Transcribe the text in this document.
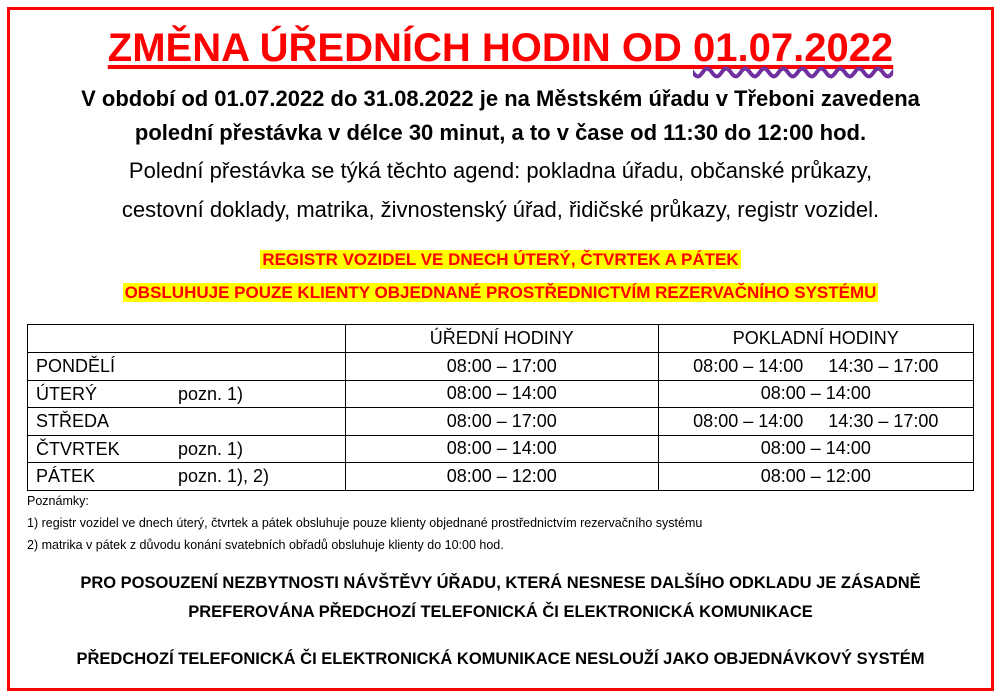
ZMĚNA ÚŘEDNÍCH HODIN OD 01.07.2022
V období od 01.07.2022 do 31.08.2022 je na Městském úřadu v Třeboni zavedena
polední přestávka v délce 30 minut, a to v čase od 11:30 do 12:00 hod.
Polední přestávka se týká těchto agend: pokladna úřadu, občanské průkazy,
cestovní doklady, matrika, živnostenský úřad, řidičské průkazy, registr vozidel.
REGISTR VOZIDEL VE DNECH ÚTERÝ, ČTVRTEK A PÁTEK
OBSLUHUJE POUZE KLIENTY OBJEDNANÉ PROSTŘEDNICTVÍM REZERVAČNÍHO SYSTÉMU
	ÚŘEDNÍ HODINY	POKLADNÍ HODINY
PONDĚLÍ	08:00 – 17:00	08:00 – 14:00 14:30 – 17:00
ÚTERÝ pozn. 1)	08:00 – 14:00	08:00 – 14:00
STŘEDA	08:00 – 17:00	08:00 – 14:00 14:30 – 17:00
ČTVRTEK pozn. 1)	08:00 – 14:00	08:00 – 14:00
PÁTEK pozn. 1), 2)	08:00 – 12:00	08:00 – 12:00
Poznámky:
1) registr vozidel ve dnech úterý, čtvrtek a pátek obsluhuje pouze klienty objednané prostřednictvím rezervačního systému
2) matrika v pátek z důvodu konání svatebních obřadů obsluhuje klienty do 10:00 hod.
PRO POSOUZENÍ NEZBYTNOSTI NÁVŠTĚVY ÚŘADU, KTERÁ NESNESE DALŠÍHO ODKLADU JE ZÁSADNĚ
PREFEROVÁNA PŘEDCHOZÍ TELEFONICKÁ ČI ELEKTRONICKÁ KOMUNIKACE
PŘEDCHOZÍ TELEFONICKÁ ČI ELEKTRONICKÁ KOMUNIKACE NESLOUŽÍ JAKO OBJEDNÁVKOVÝ SYSTÉM
